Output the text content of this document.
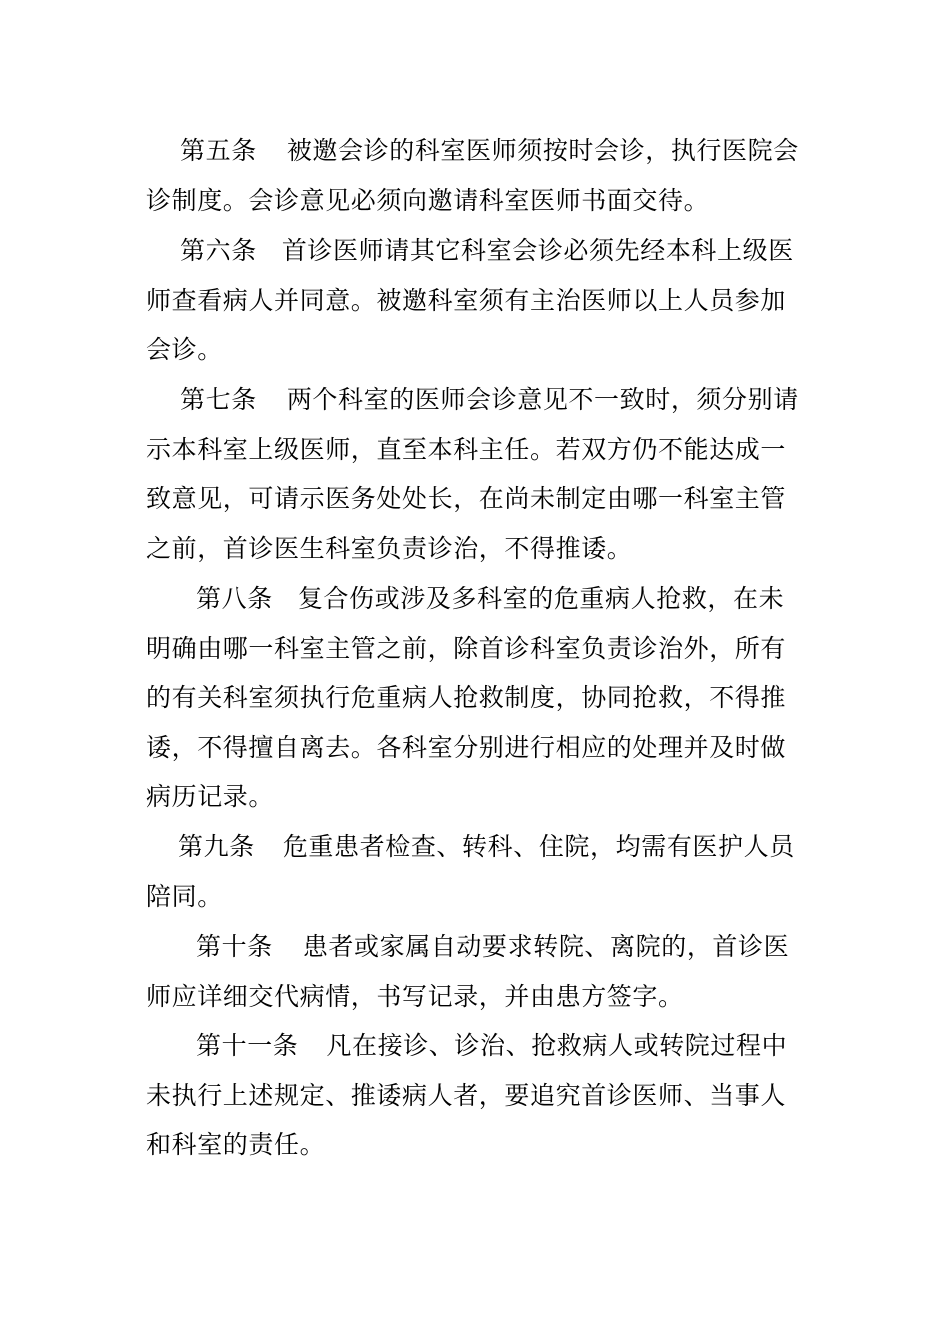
第五条 被邀会诊的科室医师须按时会诊，执行医院会
诊制度。会诊意见必须向邀请科室医师书面交待。
第六条 首诊医师请其它科室会诊必须先经本科上级医
师查看病人并同意。被邀科室须有主治医师以上人员参加
会诊。
第七条 两个科室的医师会诊意见不一致时，须分别请
示本科室上级医师，直至本科主任。若双方仍不能达成一
致意见，可请示医务处处长，在尚未制定由哪一科室主管
之前，首诊医生科室负责诊治，不得推诿。
第八条 复合伤或涉及多科室的危重病人抢救，在未
明确由哪一科室主管之前，除首诊科室负责诊治外，所有
的有关科室须执行危重病人抢救制度，协同抢救，不得推
诿，不得擅自离去。各科室分别进行相应的处理并及时做
病历记录。
第九条 危重患者检查、转科、住院，均需有医护人员
陪同。
第十条 患者或家属自动要求转院、离院的，首诊医
师应详细交代病情，书写记录，并由患方签字。
第十一条 凡在接诊、诊治、抢救病人或转院过程中
未执行上述规定、推诿病人者，要追究首诊医师、当事人
和科室的责任。
